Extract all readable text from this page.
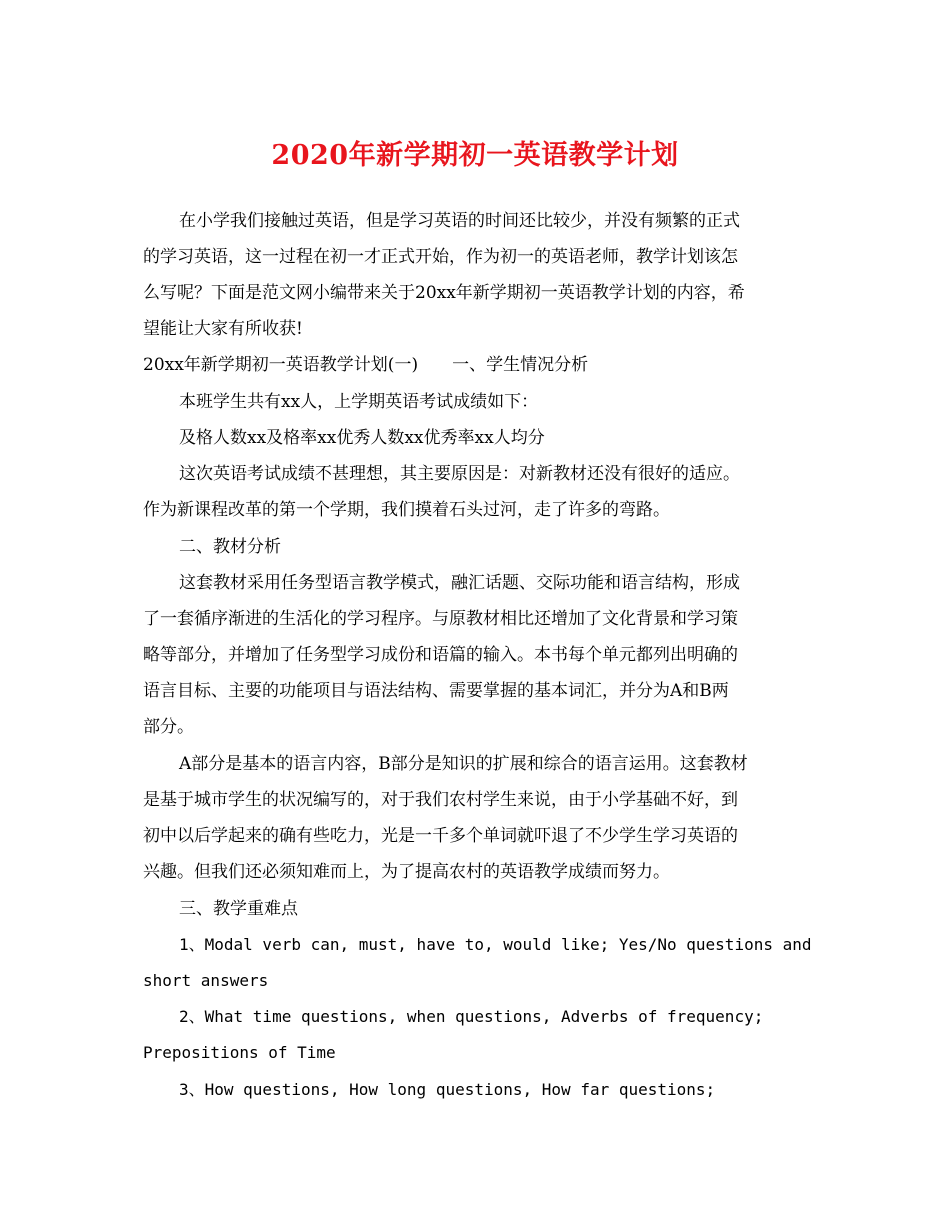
2020年新学期初一英语教学计划
在小学我们接触过英语，但是学习英语的时间还比较少，并没有频繁的正式
的学习英语，这一过程在初一才正式开始，作为初一的英语老师，教学计划该怎
么写呢？下面是范文网小编带来关于20xx年新学期初一英语教学计划的内容，希
望能让大家有所收获!
20xx年新学期初一英语教学计划(一)　　一、学生情况分析
本班学生共有xx人，上学期英语考试成绩如下：
及格人数xx及格率xx优秀人数xx优秀率xx人均分
这次英语考试成绩不甚理想，其主要原因是：对新教材还没有很好的适应。
作为新课程改革的第一个学期，我们摸着石头过河，走了许多的弯路。
二、教材分析
这套教材采用任务型语言教学模式，融汇话题、交际功能和语言结构，形成
了一套循序渐进的生活化的学习程序。与原教材相比还增加了文化背景和学习策
略等部分，并增加了任务型学习成份和语篇的输入。本书每个单元都列出明确的
语言目标、主要的功能项目与语法结构、需要掌握的基本词汇，并分为A和B两
部分。
A部分是基本的语言内容，B部分是知识的扩展和综合的语言运用。这套教材
是基于城市学生的状况编写的，对于我们农村学生来说，由于小学基础不好，到
初中以后学起来的确有些吃力，光是一千多个单词就吓退了不少学生学习英语的
兴趣。但我们还必须知难而上，为了提高农村的英语教学成绩而努力。
三、教学重难点
1、Modal verb can, must, have to, would like; Yes/No questions and
short answers
2、What time questions, when questions, Adverbs of frequency;
Prepositions of Time
3、How questions, How long questions, How far questions;
